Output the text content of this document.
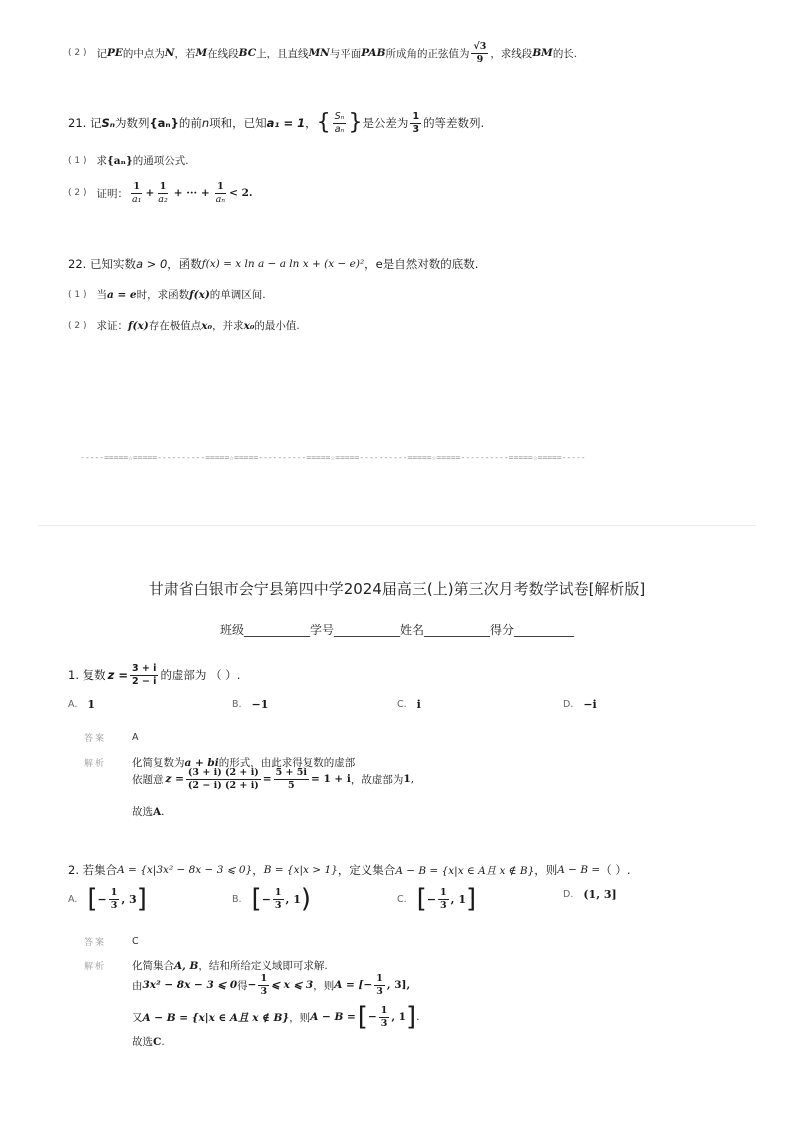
( 2 ) 记 PE 的中点为 N ，若 M 在线段 BC 上，且直线 MN 与平面 PAB 所成角的正弦值为 $\frac{√3}{9}$ ，求线段 BM 的长.
21. 记 Sₙ 为数列 {aₙ} 的前 n 项和，已知 a₁ = 1 ， { $\frac{\text{Sₙ}}{\text{aₙ}}$ } 是公差为 $\frac{1}{3}$ 的等差数列.
( 1 ) 求 {aₙ} 的通项公式.
( 2 ) 证明： $\frac{1}{\text{a₁}} + \frac{1}{\text{a₂}}$ + ··· + $\frac{1}{\text{aₙ}} < 2$.
22. 已知实数 a > 0 ，函数 f(x) = x ln a − a ln x + (x − e)² ，e是自然对数的底数.
( 1 ) 当 a = e 时，求函数 f(x) 的单调区间.
( 2 ) 求证： f(x) 存在极值点 x₀ ，并求 x₀ 的最小值.
-----=====☆=====----------=====☆=====----------=====☆=====----------=====☆=====----------=====☆=====-----
甘肃省白银市会宁县第四中学2024届高三(上)第三次月考数学试卷[解析版]
班级___________学号___________姓名___________得分__________
1. 复数 $z = \frac{3 + i}{2 - i}$ 的虚部为 （ ）.
A. 1	B. −1	C. i	D. −i
答案	A
解析	化简复数为 a + bi 的形式，由此求得复数的虚部
依题意 $z = \frac{(3 + i) (2 + i)}{(2 - i) (2 + i)} = \frac{5 + 5i}{5} = 1 + i$ ，故虚部为 1 ,
故选 A .
2. 若集合 A = {x|3x² − 8x − 3 ⩽ 0} ， B = {x|x > 1} ，定义集合 A − B = {x|x ∈ A且 x ∉ B} ，则 A − B = （ ）.
A. [ − $\frac{1}{3}$ , 3 ]	B. [ − $\frac{1}{3}$ , 1 )	C. [ − $\frac{1}{3}$ , 1 ]	D. (1, 3]
答案	C
解析	化简集合 A, B ，结和所给定义域即可求解.
由 3x² − 8x − 3 ⩽ 0 得 − $\frac{1}{3}$ ⩽ x ⩽ 3 ，则 A = [− $\frac{1}{3}$ , 3],
又 A − B = {x|x ∈ A且 x ∉ B} ，则 A − B = [ − $\frac{1}{3}$ , 1 ] .
故选 C .
